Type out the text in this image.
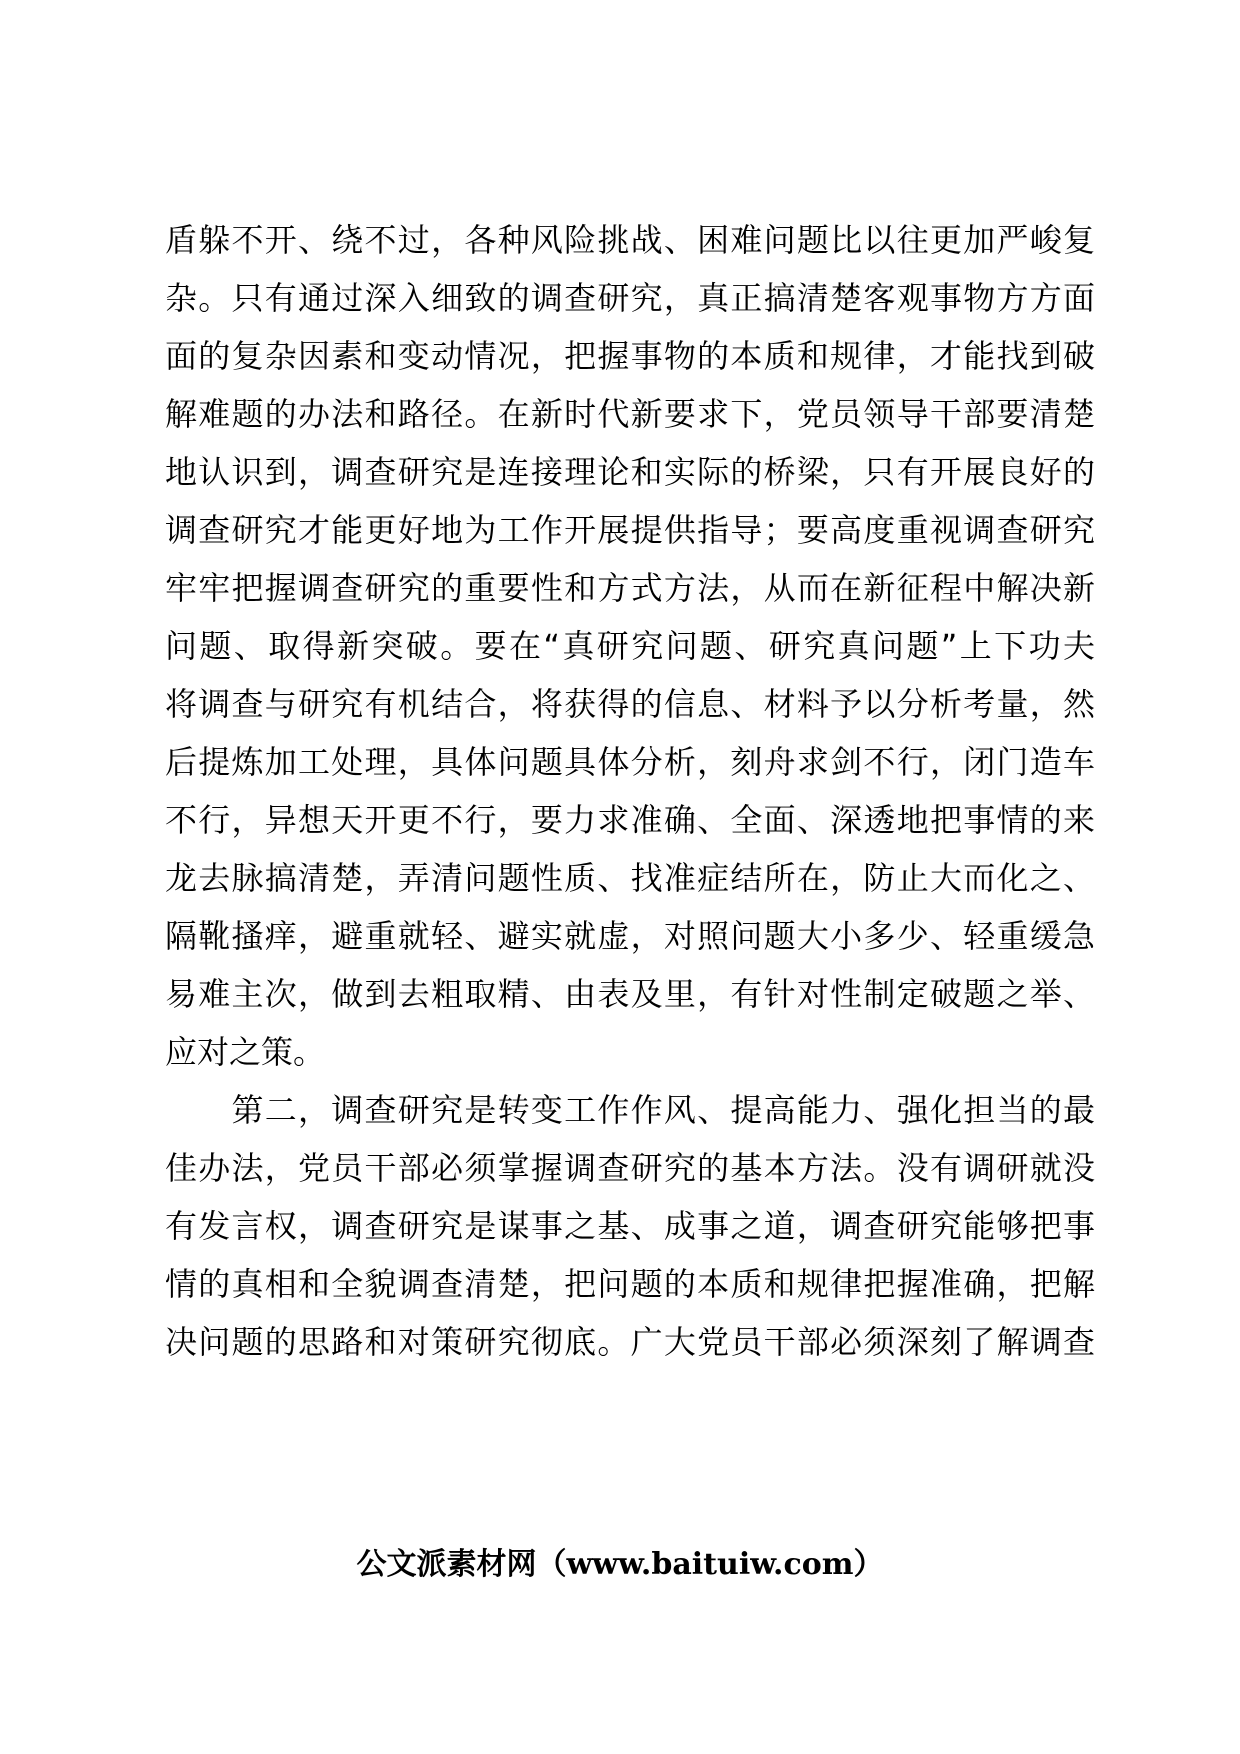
盾躲不开、绕不过，各种风险挑战、困难问题比以往更加严峻复
杂。只有通过深入细致的调查研究，真正搞清楚客观事物方方面
面的复杂因素和变动情况，把握事物的本质和规律，才能找到破
解难题的办法和路径。在新时代新要求下，党员领导干部要清楚
地认识到，调查研究是连接理论和实际的桥梁，只有开展良好的
调查研究才能更好地为工作开展提供指导；要高度重视调查研究
牢牢把握调查研究的重要性和方式方法，从而在新征程中解决新
问题、取得新突破。要在“真研究问题、研究真问题”上下功夫
将调查与研究有机结合，将获得的信息、材料予以分析考量，然
后提炼加工处理，具体问题具体分析，刻舟求剑不行，闭门造车
不行，异想天开更不行，要力求准确、全面、深透地把事情的来
龙去脉搞清楚，弄清问题性质、找准症结所在，防止大而化之、
隔靴搔痒，避重就轻、避实就虚，对照问题大小多少、轻重缓急
易难主次，做到去粗取精、由表及里，有针对性制定破题之举、
应对之策。
　　第二，调查研究是转变工作作风、提高能力、强化担当的最
佳办法，党员干部必须掌握调查研究的基本方法。没有调研就没
有发言权，调查研究是谋事之基、成事之道，调查研究能够把事
情的真相和全貌调查清楚，把问题的本质和规律把握准确，把解
决问题的思路和对策研究彻底。广大党员干部必须深刻了解调查
公文派素材网（www.baituiw.com）
